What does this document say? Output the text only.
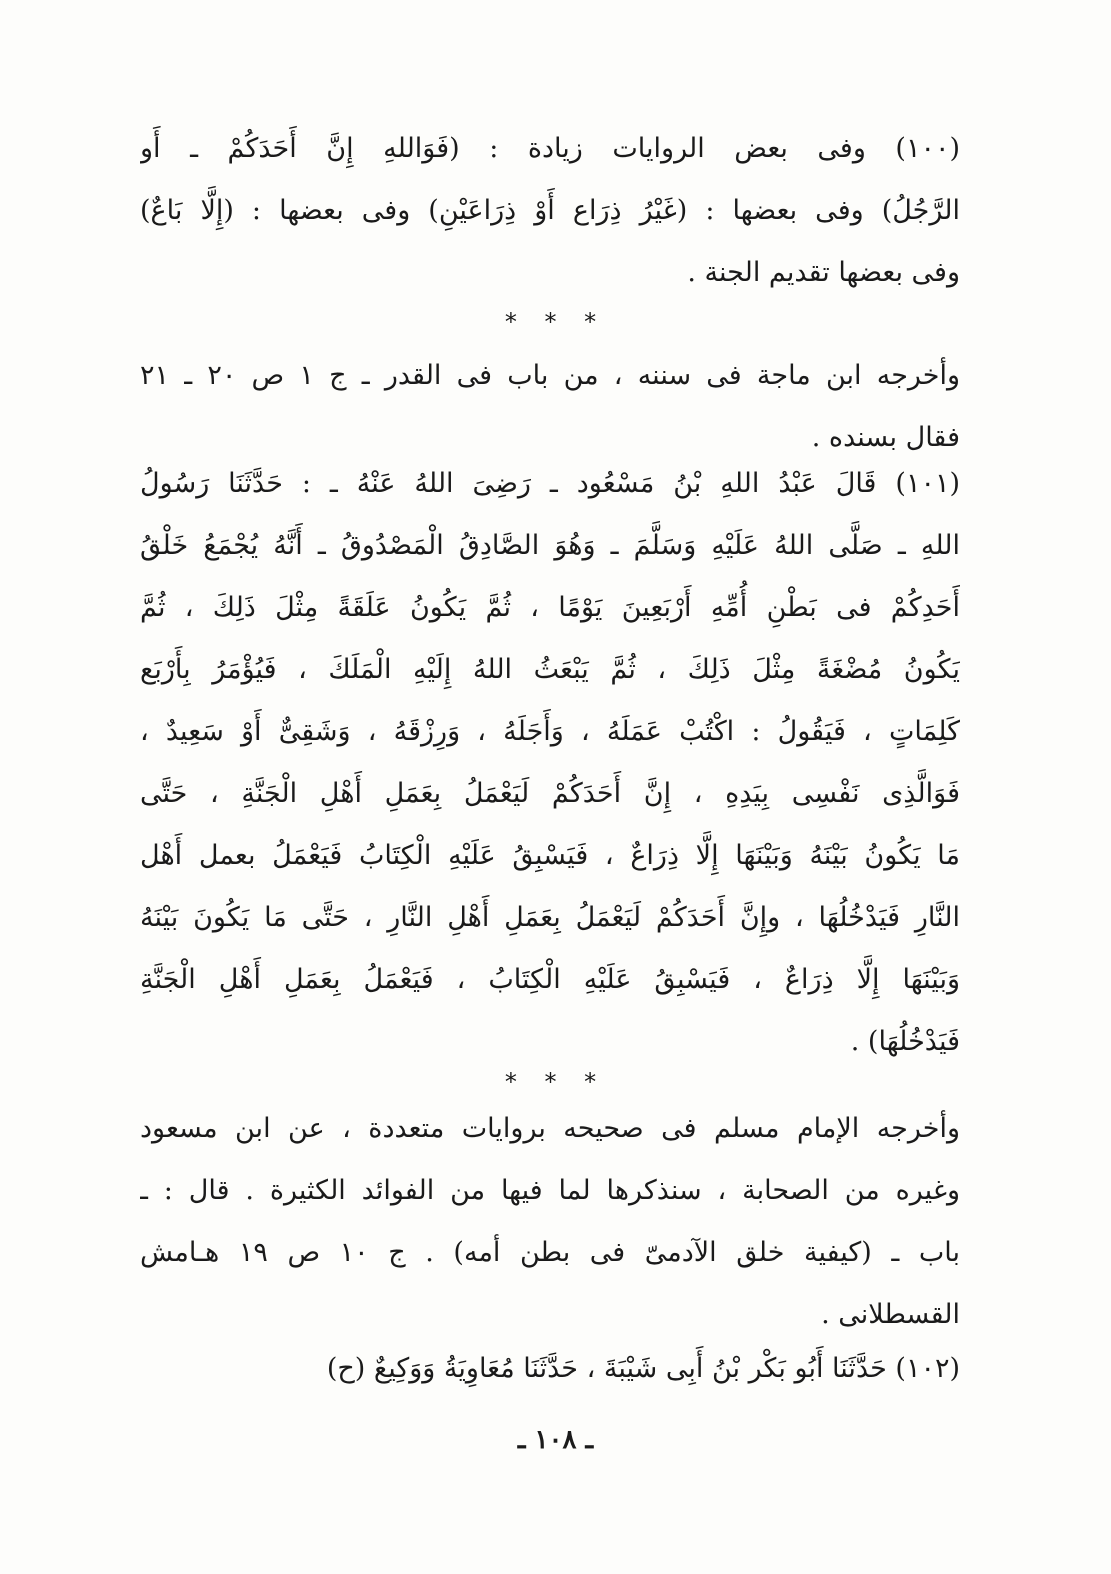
(١٠٠) وفى بعض الروايات زيادة : (فَوَاللهِ إِنَّ أَحَدَكُمْ ـ أَو
الرَّجُلُ) وفى بعضها : (غَيْرُ ذِرَاع أَوْ ذِرَاعَيْنِ) وفى بعضها : (إِلَّا بَاعٌ)
وفى بعضها تقديم الجنة .
* * *
وأخرجه ابن ماجة فى سننه ، من باب فى القدر ـ ج ١ ص ٢٠ ـ ٢١
فقال بسنده .
(١٠١) قَالَ عَبْدُ اللهِ بْنُ مَسْعُود ـ رَضِىَ اللهُ عَنْهُ ـ : حَدَّثَنَا رَسُولُ
اللهِ ـ صَلَّى اللهُ عَلَيْهِ وَسَلَّمَ ـ وَهُوَ الصَّادِقُ الْمَصْدُوقُ ـ أَنَّهُ يُجْمَعُ خَلْقُ
أَحَدِكُمْ فى بَطْنِ أُمِّهِ أَرْبَعِينَ يَوْمًا ، ثُمَّ يَكُونُ عَلَقَةً مِثْلَ ذَلِكَ ، ثُمَّ
يَكُونُ مُضْغَةً مِثْلَ ذَلِكَ ، ثُمَّ يَبْعَثُ اللهُ إِلَيْهِ الْمَلَكَ ، فَيُؤْمَرُ بِأَرْبَع
كَلِمَاتٍ ، فَيَقُولُ : اكْتُبْ عَمَلَهُ ، وَأَجَلَهُ ، وَرِزْقَهُ ، وَشَقِىٌّ أَوْ سَعِيدٌ ،
فَوَالَّذِى نَفْسِى بِيَدِهِ ، إِنَّ أَحَدَكُمْ لَيَعْمَلُ بِعَمَلِ أَهْلِ الْجَنَّةِ ، حَتَّى
مَا يَكُونُ بَيْنَهُ وَبَيْنَهَا إِلَّا ذِرَاعٌ ، فَيَسْبِقُ عَلَيْهِ الْكِتَابُ فَيَعْمَلُ بعمل أَهْل
النَّارِ فَيَدْخُلُهَا ، وإِنَّ أَحَدَكُمْ لَيَعْمَلُ بِعَمَلِ أَهْلِ النَّارِ ، حَتَّى مَا يَكُونَ بَيْنَهُ
وَبَيْنَهَا إِلَّا ذِرَاعٌ ، فَيَسْبِقُ عَلَيْهِ الْكِتَابُ ، فَيَعْمَلُ بِعَمَلِ أَهْلِ الْجَنَّةِ
فَيَدْخُلُهَا) .
* * *
وأخرجه الإمام مسلم فى صحيحه بروايات متعددة ، عن ابن مسعود
وغيره من الصحابة ، سنذكرها لما فيها من الفوائد الكثيرة . قال : ـ
باب ـ (كيفية خلق الآدمىّ فى بطن أمه) . ج ١٠ ص ١٩ هـامش
القسطلانى .
(١٠٢) حَدَّثَنَا أَبُو بَكْر بْنُ أَبِى شَيْبَةَ ، حَدَّثَنَا مُعَاوِيَةُ وَوَكِيعٌ (ح)
ـ ١٠٨ ـ
